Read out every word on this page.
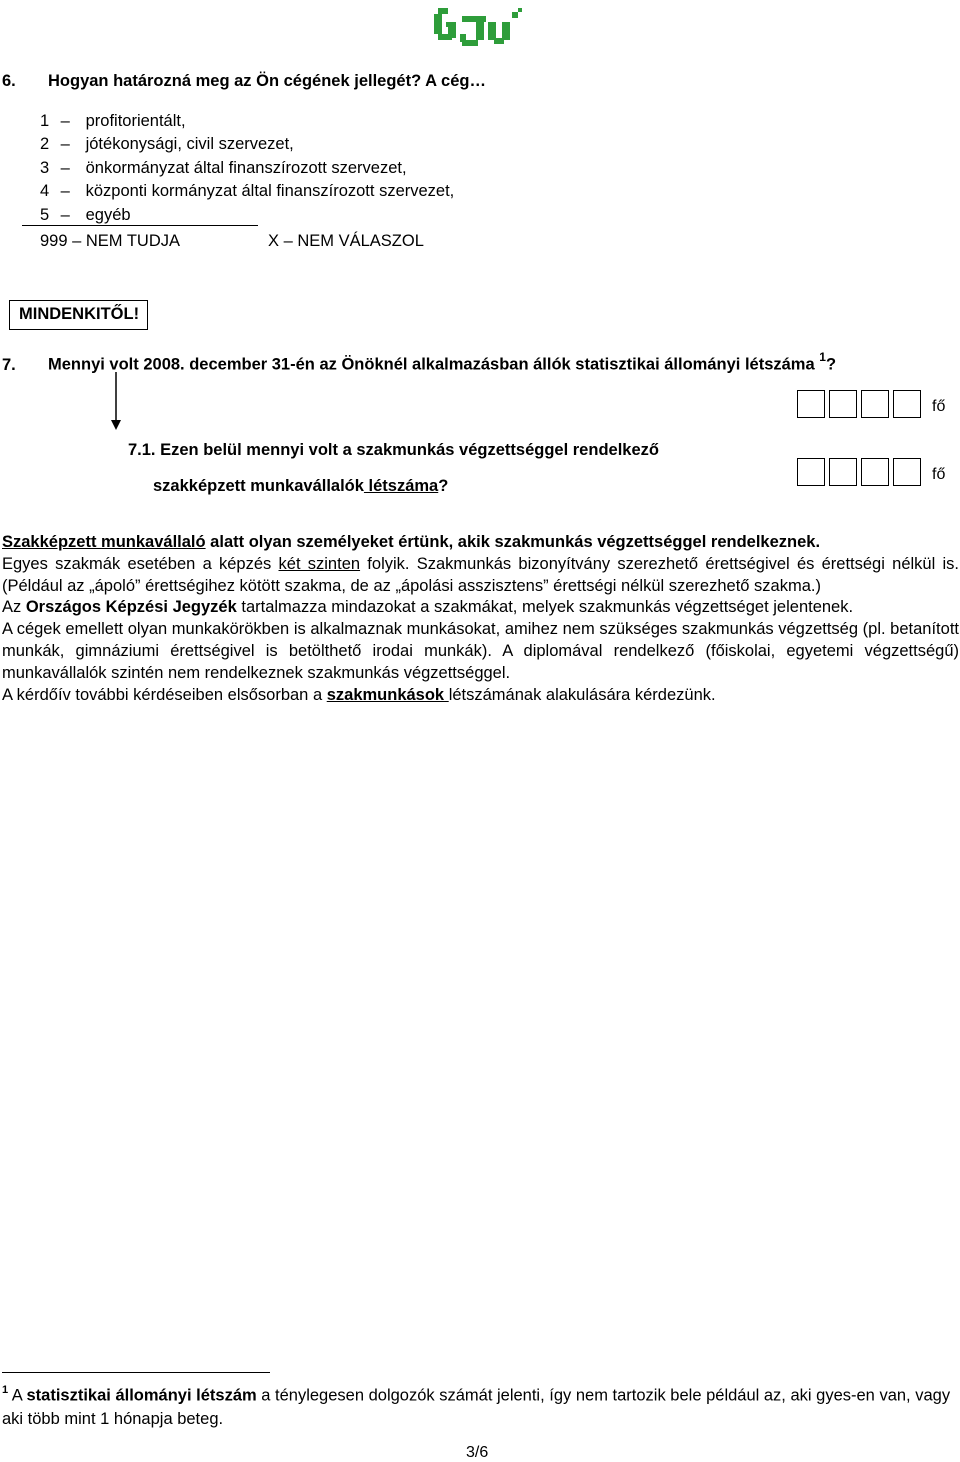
6. Hogyan határozná meg az Ön cégének jellegét? A cég…
1 – profitorientált,
2 – jótékonysági, civil szervezet,
3 – önkormányzat által finanszírozott szervezet,
4 – központi kormányzat által finanszírozott szervezet,
5 – egyéb
999 – NEM TUDJA	X – NEM VÁLASZOL
MINDENKITŐL!
7. Mennyi volt 2008. december 31-én az Önöknél alkalmazásban állók statisztikai állományi létszáma $^1$?
fő
7.1. Ezen belül mennyi volt a szakmunkás végzettséggel rendelkező
szakképzett munkavállalók létszáma?
fő

Szakképzett munkavállaló alatt olyan személyeket értünk, akik szakmunkás végzettséggel rendelkeznek.

Egyes szakmák esetében a képzés két szinten folyik. Szakmunkás bizonyítvány szerezhető érettségivel és érettségi nélkül is. (Például az „ápoló” érettségihez kötött szakma, de az „ápolási asszisztens” érettségi nélkül szerezhető szakma.)

Az Országos Képzési Jegyzék tartalmazza mindazokat a szakmákat, melyek szakmunkás végzettséget jelentenek.

A cégek emellett olyan munkakörökben is alkalmaznak munkásokat, amihez nem szükséges szakmunkás végzettség (pl. betanított munkák, gimnáziumi érettségivel is betölthető irodai munkák). A diplomával rendelkező (főiskolai, egyetemi végzettségű) munkavállalók szintén nem rendelkeznek szakmunkás végzettséggel.

A kérdőív további kérdéseiben elsősorban a szakmunkások létszámának alakulására kérdezünk.

$^1$ A statisztikai állományi létszám a ténylegesen dolgozók számát jelenti, így nem tartozik bele például az, aki gyes-en van, vagy aki több mint 1 hónapja beteg.
3/6
